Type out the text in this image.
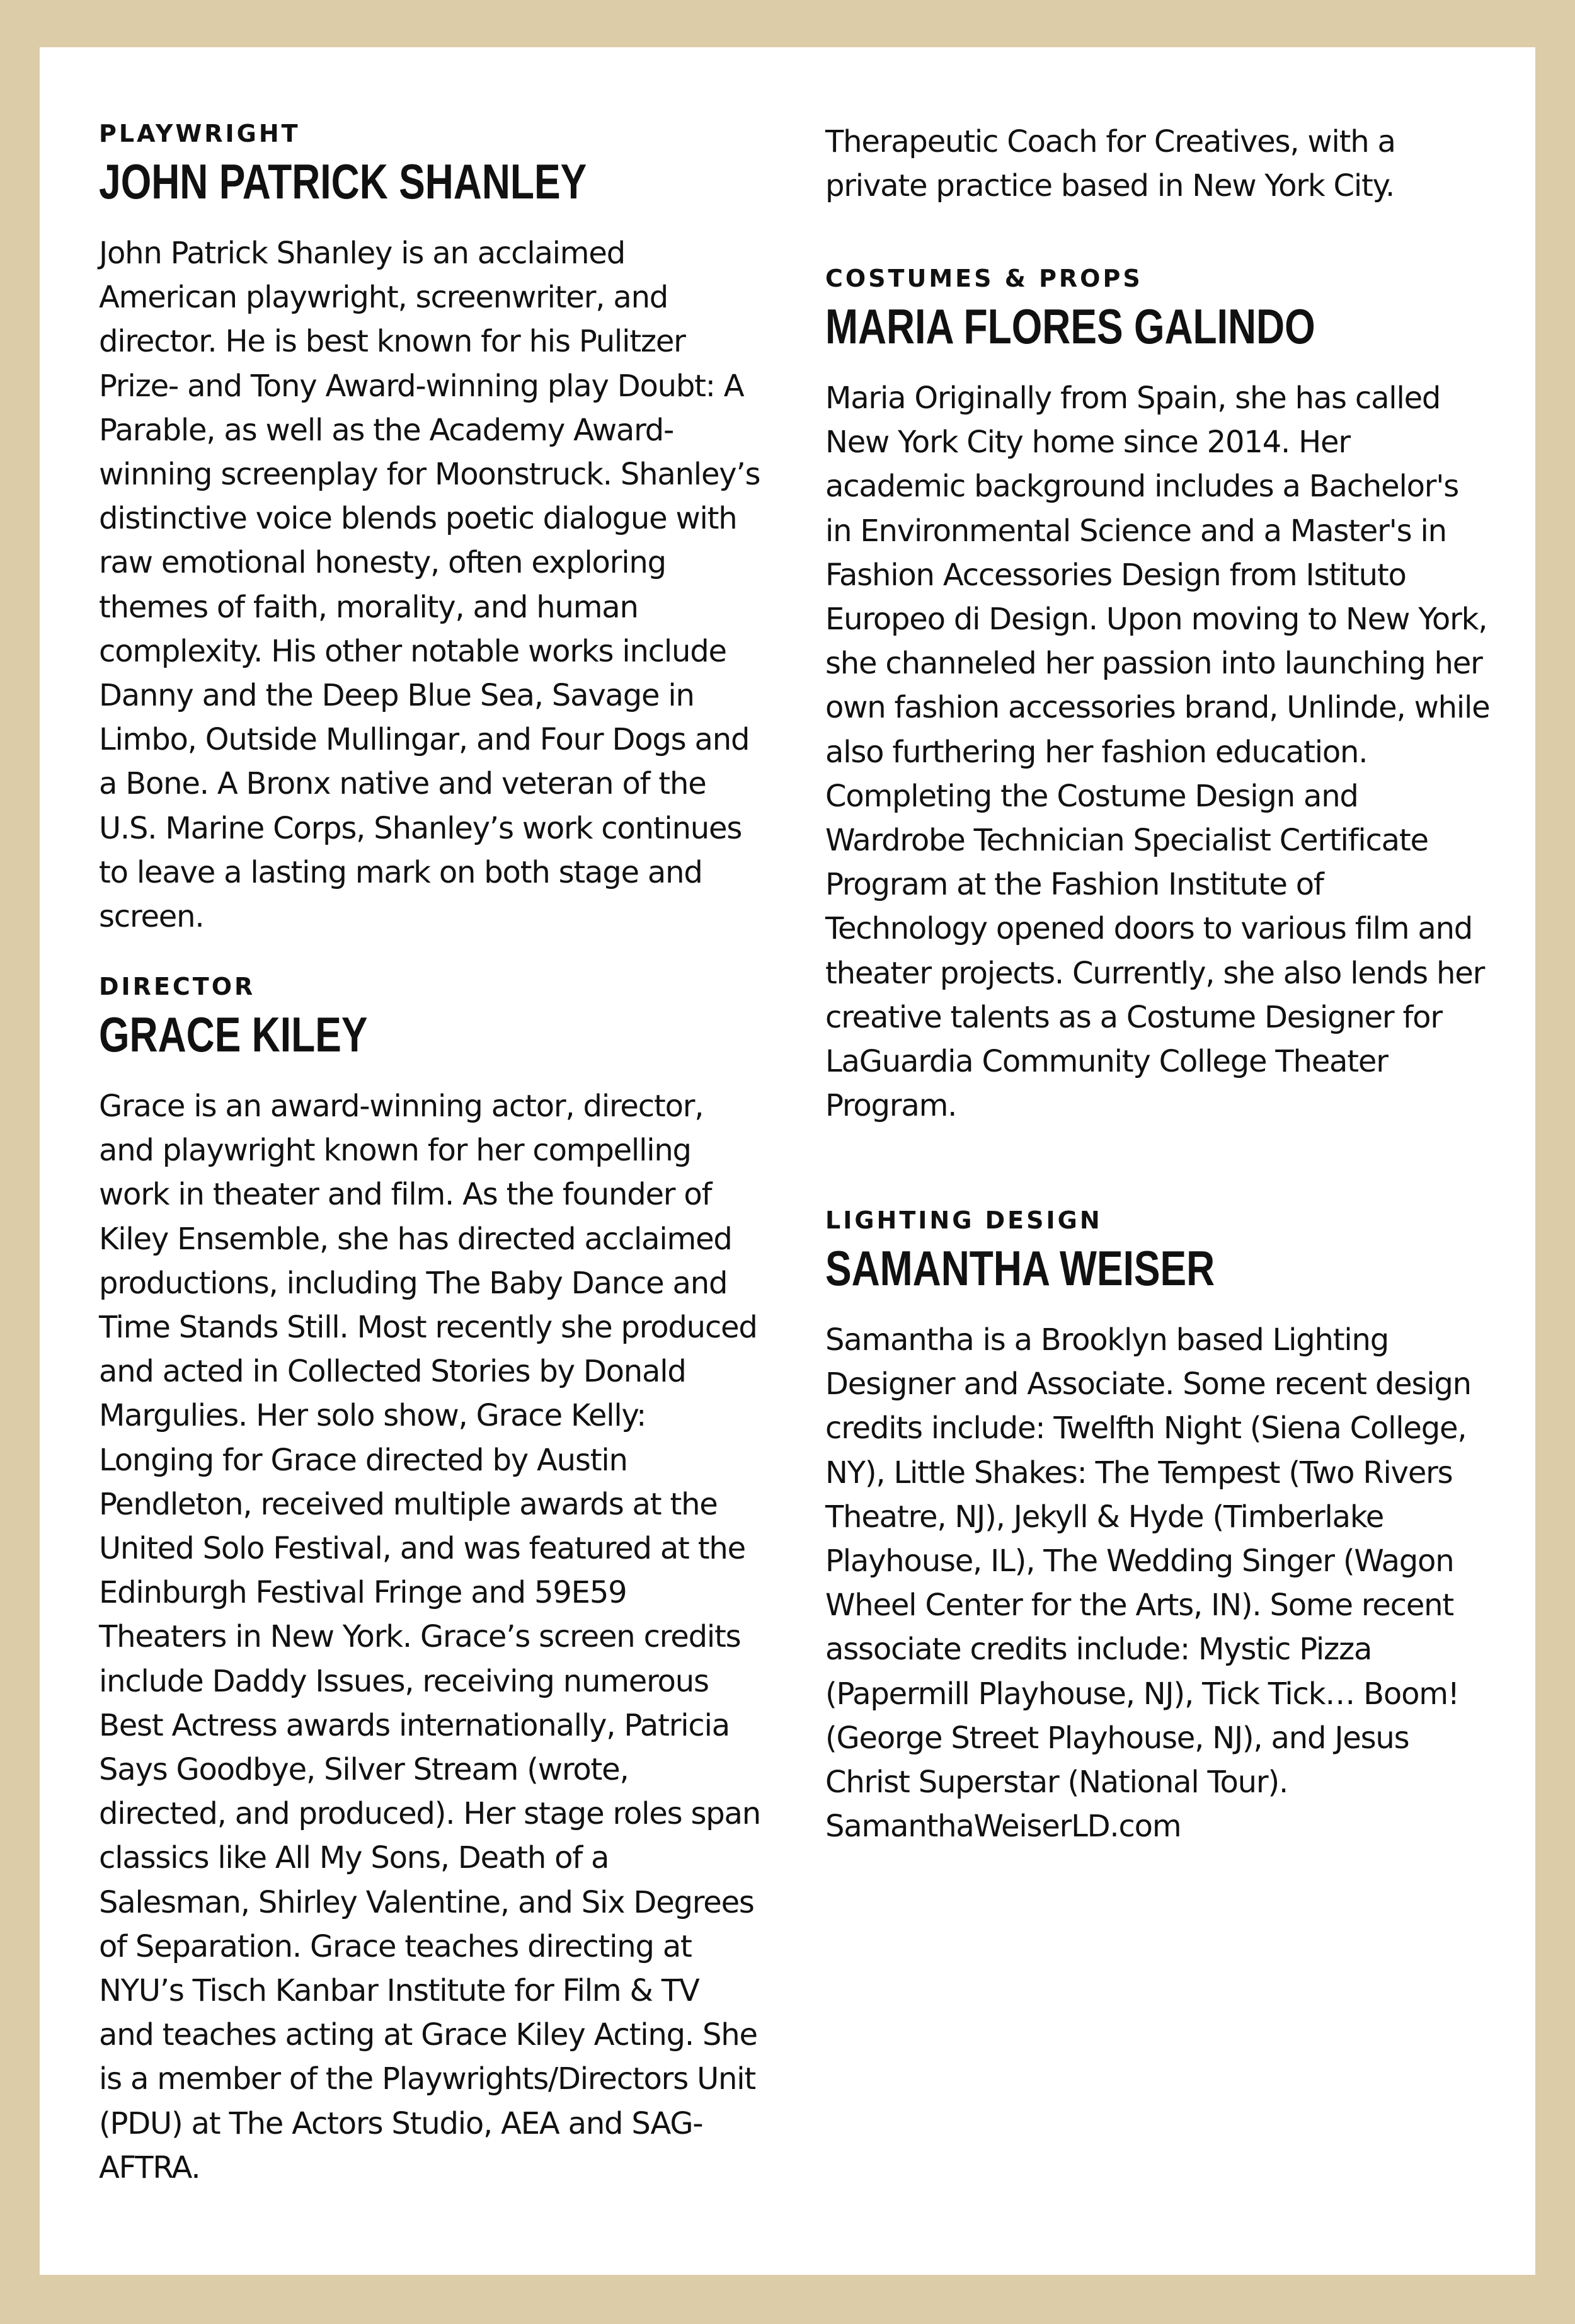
PLAYWRIGHT
JOHN PATRICK SHANLEY

John Patrick Shanley is an acclaimed American playwright, screenwriter, and director. He is best known for his Pulitzer Prize- and Tony Award-winning play Doubt: A Parable, as well as the Academy Award-winning screenplay for Moonstruck. Shanley’s distinctive voice blends poetic dialogue with raw emotional honesty, often exploring themes of faith, morality, and human complexity. His other notable works include Danny and the Deep Blue Sea, Savage in Limbo, Outside Mullingar, and Four Dogs and a Bone. A Bronx native and veteran of the U.S. Marine Corps, Shanley’s work continues to leave a lasting mark on both stage and screen.

DIRECTOR
GRACE KILEY

Grace is an award-winning actor, director, and playwright known for her compelling work in theater and film. As the founder of Kiley Ensemble, she has directed acclaimed productions, including The Baby Dance and Time Stands Still. Most recently she produced and acted in Collected Stories by Donald Margulies. Her solo show, Grace Kelly: Longing for Grace directed by Austin Pendleton, received multiple awards at the United Solo Festival, and was featured at the Edinburgh Festival Fringe and 59E59 Theaters in New York. Grace’s screen credits include Daddy Issues, receiving numerous Best Actress awards internationally, Patricia Says Goodbye, Silver Stream (wrote, directed, and produced). Her stage roles span classics like All My Sons, Death of a Salesman, Shirley Valentine, and Six Degrees of Separation. Grace teaches directing at NYU’s Tisch Kanbar Institute for Film & TV and teaches acting at Grace Kiley Acting. She is a member of the Playwrights/Directors Unit (PDU) at The Actors Studio, AEA and SAG-AFTRA.

Therapeutic Coach for Creatives, with a private practice based in New York City.

COSTUMES & PROPS
MARIA FLORES GALINDO

Maria Originally from Spain, she has called New York City home since 2014. Her academic background includes a Bachelor's in Environmental Science and a Master's in Fashion Accessories Design from Istituto Europeo di Design. Upon moving to New York, she channeled her passion into launching her own fashion accessories brand, Unlinde, while also furthering her fashion education. Completing the Costume Design and Wardrobe Technician Specialist Certificate Program at the Fashion Institute of Technology opened doors to various film and theater projects. Currently, she also lends her creative talents as a Costume Designer for LaGuardia Community College Theater Program.

LIGHTING DESIGN
SAMANTHA WEISER

Samantha is a Brooklyn based Lighting Designer and Associate. Some recent design credits include: Twelfth Night (Siena College, NY), Little Shakes: The Tempest (Two Rivers Theatre, NJ), Jekyll & Hyde (Timberlake Playhouse, IL), The Wedding Singer (Wagon Wheel Center for the Arts, IN). Some recent associate credits include: Mystic Pizza (Papermill Playhouse, NJ), Tick Tick… Boom! (George Street Playhouse, NJ), and Jesus Christ Superstar (National Tour). SamanthaWeiserLD.com
